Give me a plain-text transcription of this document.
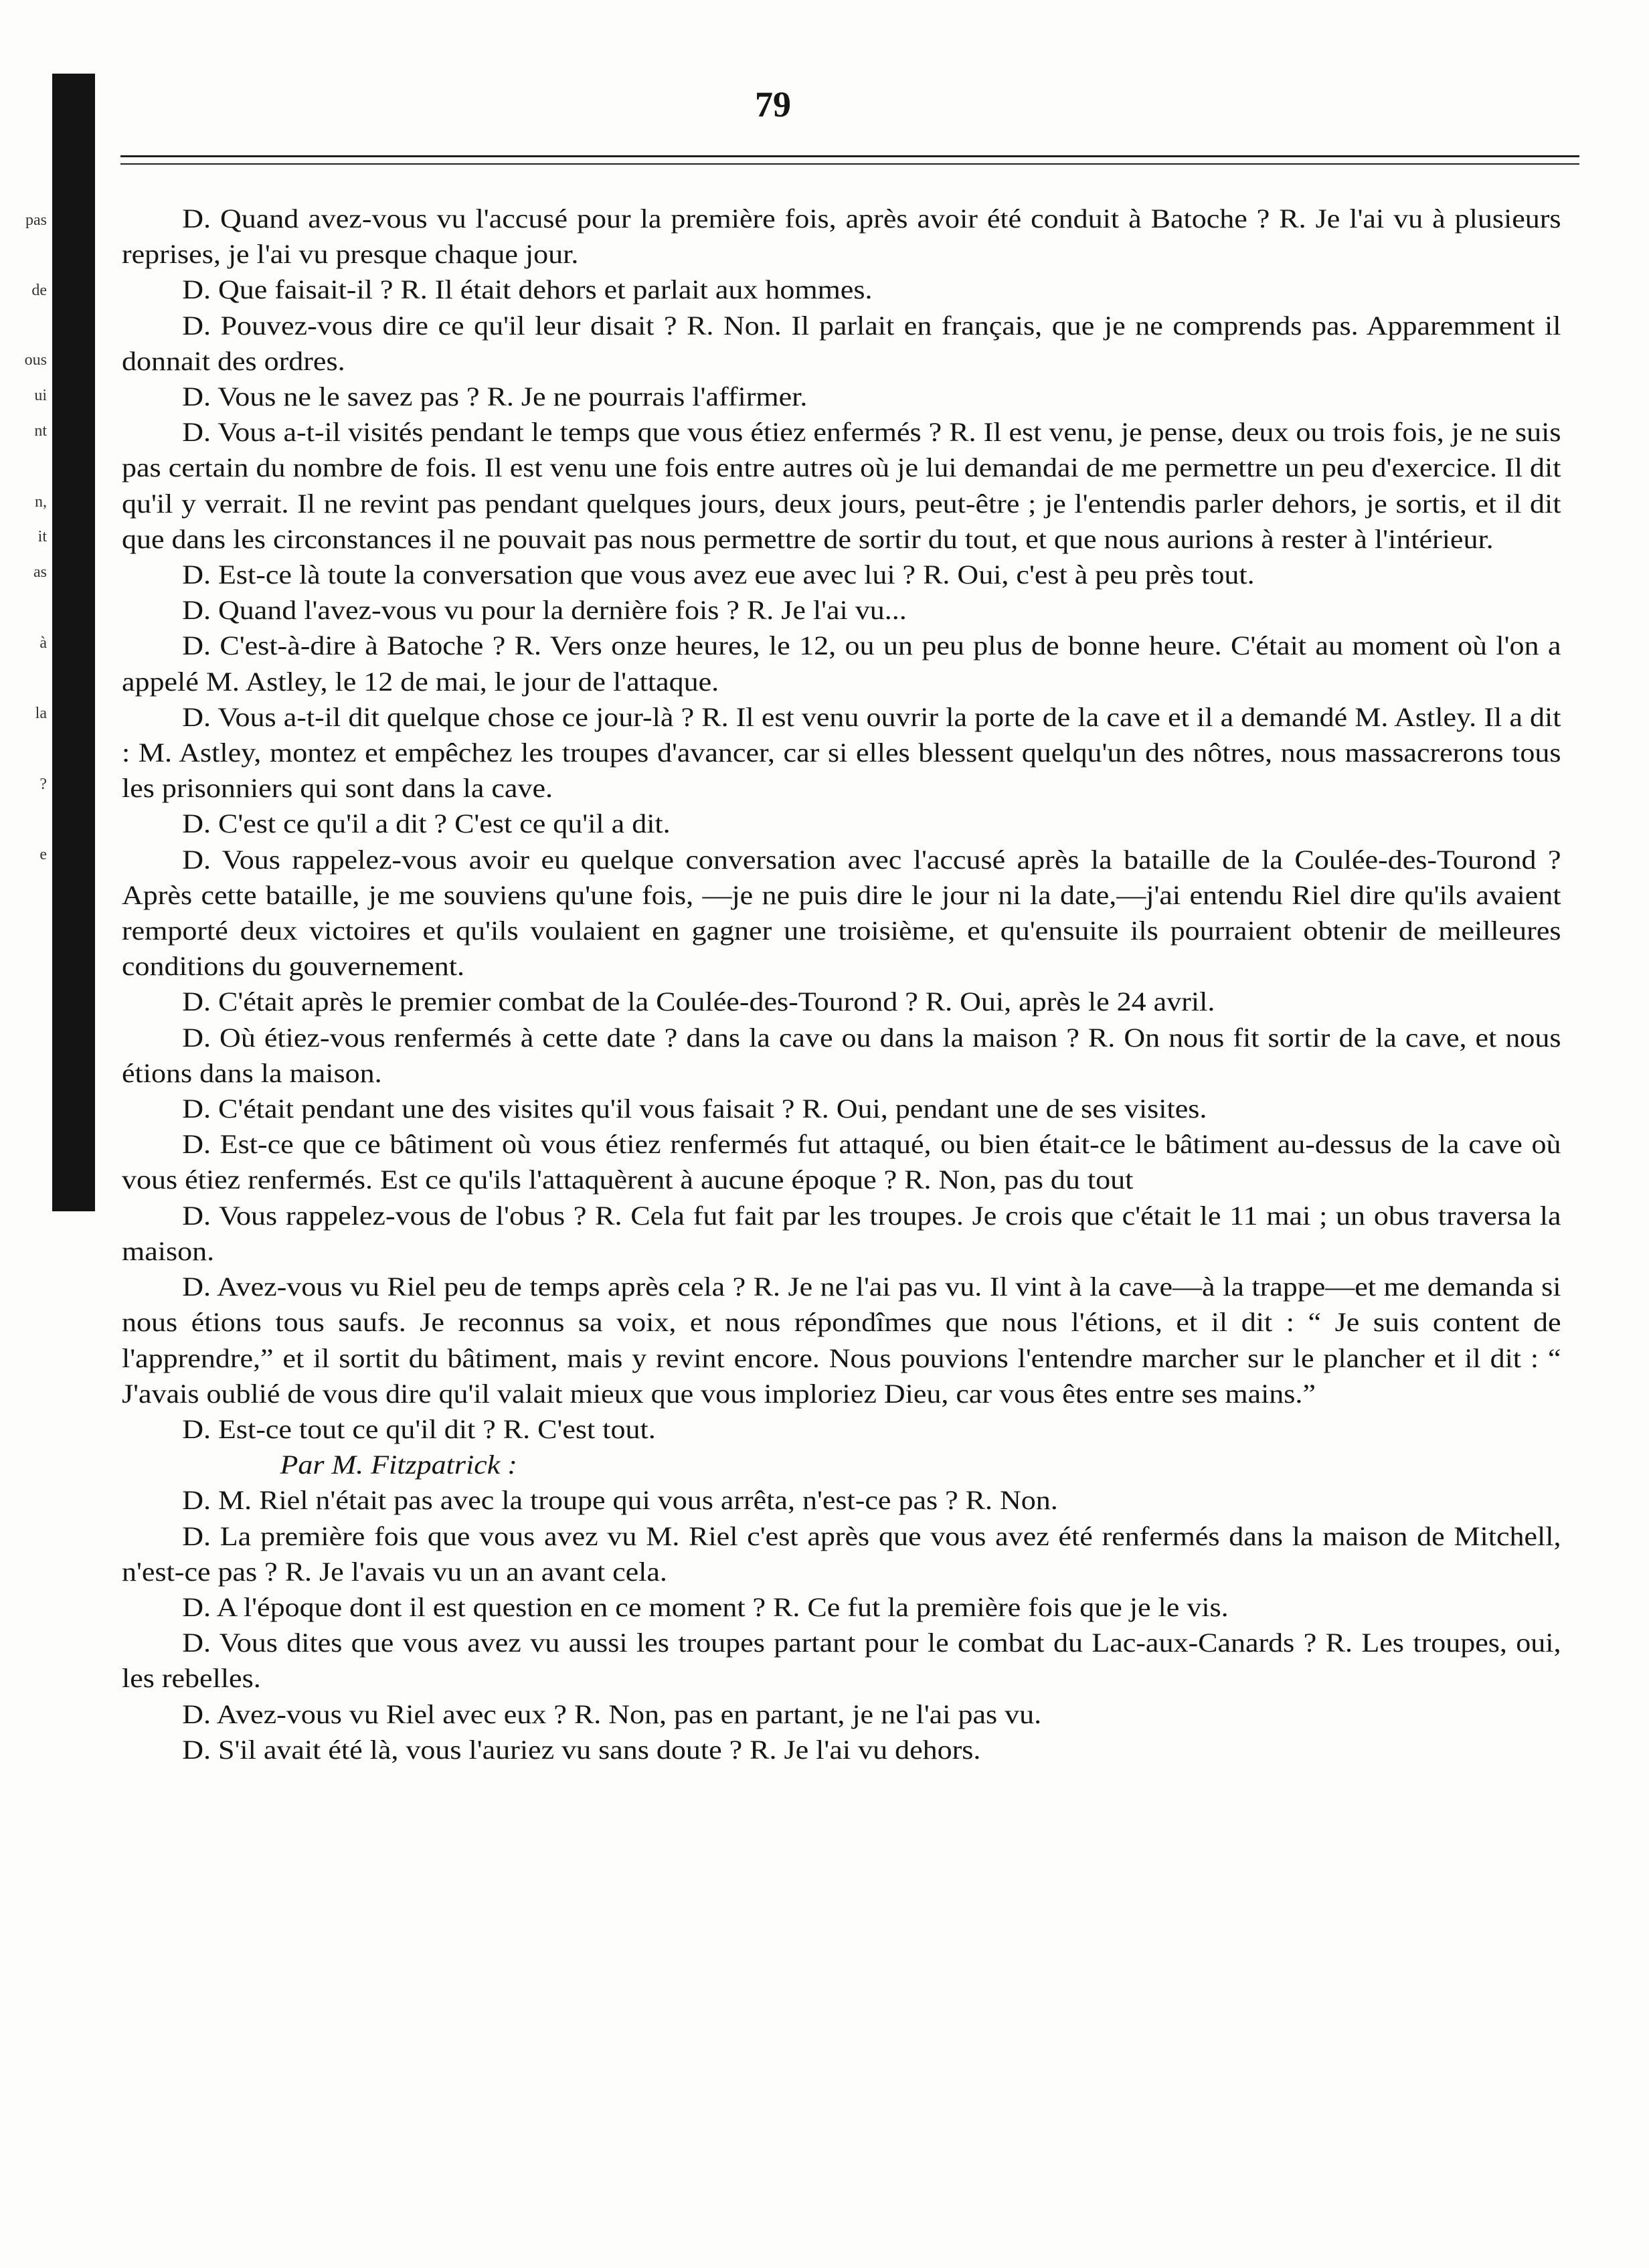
pas
de
ous
ui
nt
n,
it
as
à
la
?
e
79

D. Quand avez-vous vu l'accusé pour la première fois, après avoir été conduit à Batoche ? R. Je l'ai vu à plusieurs reprises, je l'ai vu presque chaque jour.

D. Que faisait-il ? R. Il était dehors et parlait aux hommes.

D. Pouvez-vous dire ce qu'il leur disait ? R. Non. Il parlait en français, que je ne comprends pas. Apparemment il donnait des ordres.

D. Vous ne le savez pas ? R. Je ne pourrais l'affirmer.

D. Vous a-t-il visités pendant le temps que vous étiez enfermés ? R. Il est venu, je pense, deux ou trois fois, je ne suis pas certain du nombre de fois. Il est venu une fois entre autres où je lui demandai de me permettre un peu d'exercice. Il dit qu'il y verrait. Il ne revint pas pendant quelques jours, deux jours, peut-être ; je l'entendis parler dehors, je sortis, et il dit que dans les circonstances il ne pouvait pas nous permettre de sortir du tout, et que nous aurions à rester à l'intérieur.

D. Est-ce là toute la conversation que vous avez eue avec lui ? R. Oui, c'est à peu près tout.

D. Quand l'avez-vous vu pour la dernière fois ? R. Je l'ai vu...

D. C'est-à-dire à Batoche ? R. Vers onze heures, le 12, ou un peu plus de bonne heure. C'était au moment où l'on a appelé M. Astley, le 12 de mai, le jour de l'attaque.

D. Vous a-t-il dit quelque chose ce jour-là ? R. Il est venu ouvrir la porte de la cave et il a demandé M. Astley. Il a dit : M. Astley, montez et empêchez les troupes d'avancer, car si elles blessent quelqu'un des nôtres, nous massacrerons tous les prisonniers qui sont dans la cave.

D. C'est ce qu'il a dit ? C'est ce qu'il a dit.

D. Vous rappelez-vous avoir eu quelque conversation avec l'accusé après la bataille de la Coulée-des-Tourond ? Après cette bataille, je me souviens qu'une fois, —je ne puis dire le jour ni la date,—j'ai entendu Riel dire qu'ils avaient remporté deux victoires et qu'ils voulaient en gagner une troisième, et qu'ensuite ils pourraient obtenir de meilleures conditions du gouvernement.

D. C'était après le premier combat de la Coulée-des-Tourond ? R. Oui, après le 24 avril.

D. Où étiez-vous renfermés à cette date ? dans la cave ou dans la maison ? R. On nous fit sortir de la cave, et nous étions dans la maison.

D. C'était pendant une des visites qu'il vous faisait ? R. Oui, pendant une de ses visites.

D. Est-ce que ce bâtiment où vous étiez renfermés fut attaqué, ou bien était-ce le bâtiment au-dessus de la cave où vous étiez renfermés. Est ce qu'ils l'attaquèrent à aucune époque ? R. Non, pas du tout

D. Vous rappelez-vous de l'obus ? R. Cela fut fait par les troupes. Je crois que c'était le 11 mai ; un obus traversa la maison.

D. Avez-vous vu Riel peu de temps après cela ? R. Je ne l'ai pas vu. Il vint à la cave—à la trappe—et me demanda si nous étions tous saufs. Je reconnus sa voix, et nous répondîmes que nous l'étions, et il dit : “ Je suis content de l'apprendre,” et il sortit du bâtiment, mais y revint encore. Nous pouvions l'entendre marcher sur le plancher et il dit : “ J'avais oublié de vous dire qu'il valait mieux que vous imploriez Dieu, car vous êtes entre ses mains.”

D. Est-ce tout ce qu'il dit ? R. C'est tout.

Par M. Fitzpatrick :

D. M. Riel n'était pas avec la troupe qui vous arrêta, n'est-ce pas ? R. Non.

D. La première fois que vous avez vu M. Riel c'est après que vous avez été renfermés dans la maison de Mitchell, n'est-ce pas ? R. Je l'avais vu un an avant cela.

D. A l'époque dont il est question en ce moment ? R. Ce fut la première fois que je le vis.

D. Vous dites que vous avez vu aussi les troupes partant pour le combat du Lac-aux-Canards ? R. Les troupes, oui, les rebelles.

D. Avez-vous vu Riel avec eux ? R. Non, pas en partant, je ne l'ai pas vu.

D. S'il avait été là, vous l'auriez vu sans doute ? R. Je l'ai vu dehors.
